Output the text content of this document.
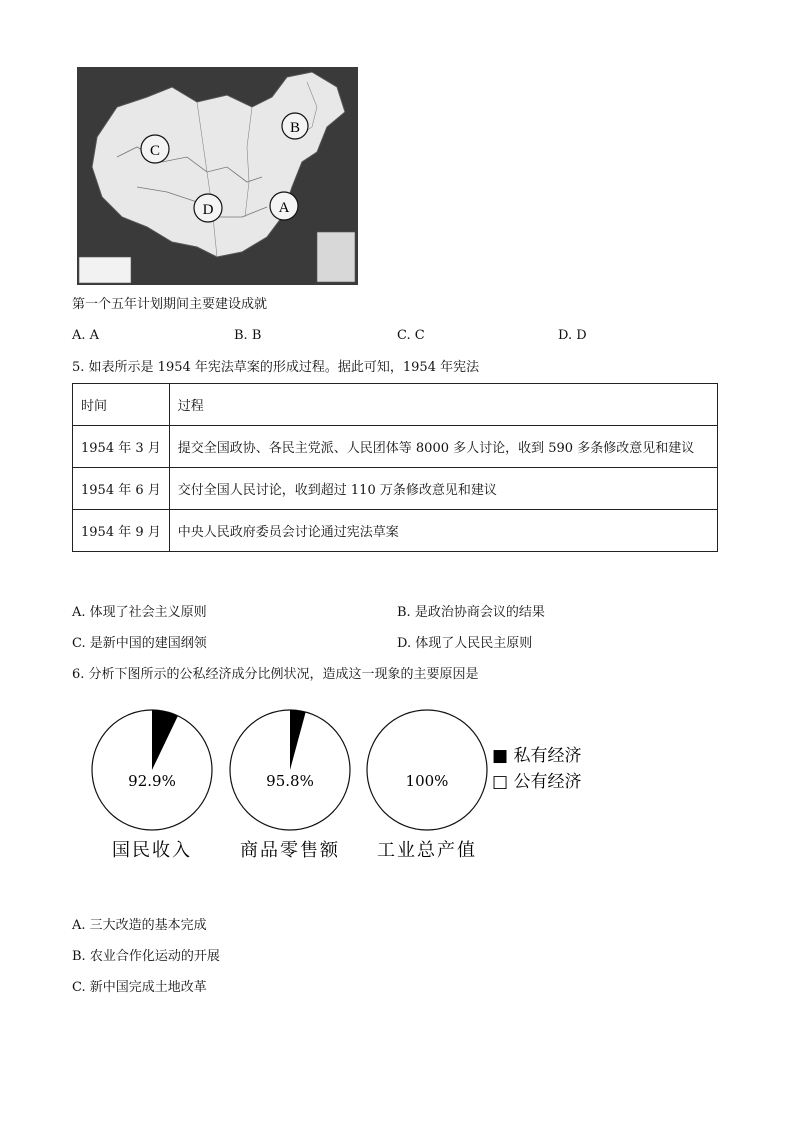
C
B
A
D
第一个五年计划期间主要建设成就
A. A	B. B	C. C	D. D
5. 如表所示是 1954 年宪法草案的形成过程。据此可知，1954 年宪法
时间	过程
1954 年 3 月	提交全国政协、各民主党派、人民团体等 8000 多人讨论，收到 590 多条修改意见和建议
1954 年 6 月	交付全国人民讨论，收到超过 110 万条修改意见和建议
1954 年 9 月	中央人民政府委员会讨论通过宪法草案
A. 体现了社会主义原则	B. 是政治协商会议的结果
C. 是新中国的建国纲领	D. 体现了人民民主原则
6. 分析下图所示的公私经济成分比例状况，造成这一现象的主要原因是
92.9%	95.8%	100%
国民收入	商品零售额 工业总产值
■ 私有经济
□ 公有经济
A. 三大改造的基本完成
B. 农业合作化运动的开展
C. 新中国完成土地改革
